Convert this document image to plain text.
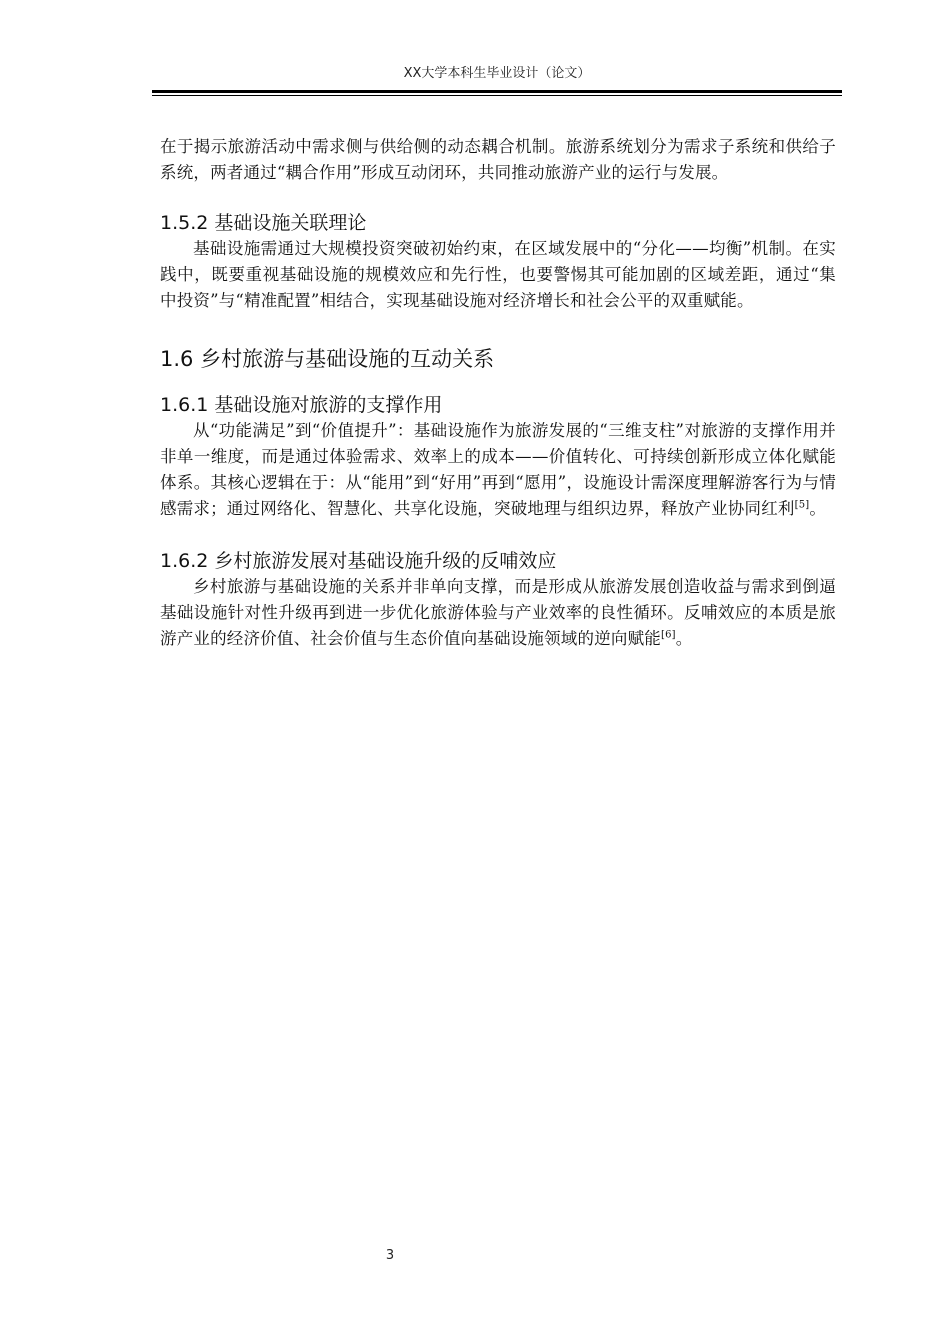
XX大学本科生毕业设计（论文）

在于揭示旅游活动中需求侧与供给侧的动态耦合机制。旅游系统划分为需求子系统和供给子系统，两者通过“耦合作用”形成互动闭环，共同推动旅游产业的运行与发展。

1.5.2 基础设施关联理论

基础设施需通过大规模投资突破初始约束，在区域发展中的“分化——均衡”机制。在实践中，既要重视基础设施的规模效应和先行性，也要警惕其可能加剧的区域差距，通过“集中投资”与“精准配置”相结合，实现基础设施对经济增长和社会公平的双重赋能。

1.6 乡村旅游与基础设施的互动关系
1.6.1 基础设施对旅游的支撑作用

从“功能满足”到“价值提升”：基础设施作为旅游发展的“三维支柱”对旅游的支撑作用并非单一维度，而是通过体验需求、效率上的成本——价值转化、可持续创新形成立体化赋能体系。其核心逻辑在于：从“能用”到“好用”再到“愿用”，设施设计需深度理解游客行为与情感需求；通过网络化、智慧化、共享化设施，突破地理与组织边界，释放产业协同红利[5]。

1.6.2 乡村旅游发展对基础设施升级的反哺效应

乡村旅游与基础设施的关系并非单向支撑，而是形成从旅游发展创造收益与需求到倒逼基础设施针对性升级再到进一步优化旅游体验与产业效率的良性循环。反哺效应的本质是旅游产业的经济价值、社会价值与生态价值向基础设施领域的逆向赋能[6]。

3
